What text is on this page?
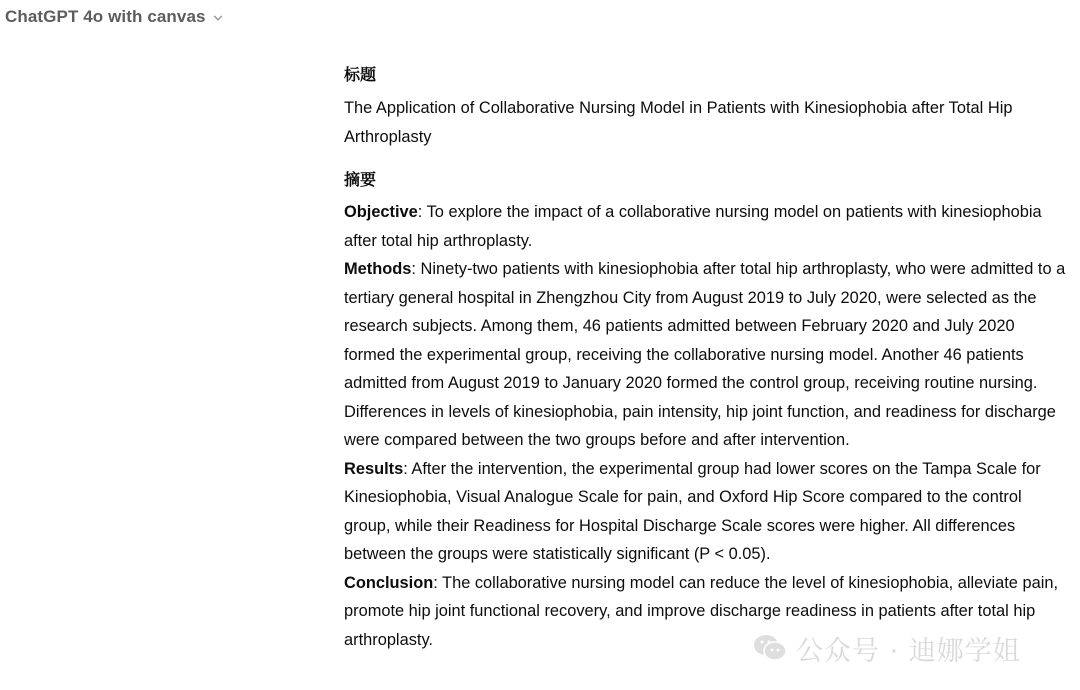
ChatGPT 4o with canvas

标题

The Application of Collaborative Nursing Model in Patients with Kinesiophobia after Total Hip Arthroplasty

摘要

Objective: To explore the impact of a collaborative nursing model on patients with kinesiophobia after total hip arthroplasty.

Methods: Ninety-two patients with kinesiophobia after total hip arthroplasty, who were admitted to a tertiary general hospital in Zhengzhou City from August 2019 to July 2020, were selected as the research subjects. Among them, 46 patients admitted between February 2020 and July 2020 formed the experimental group, receiving the collaborative nursing model. Another 46 patients admitted from August 2019 to January 2020 formed the control group, receiving routine nursing. Differences in levels of kinesiophobia, pain intensity, hip joint function, and readiness for discharge were compared between the two groups before and after intervention.

Results: After the intervention, the experimental group had lower scores on the Tampa Scale for Kinesiophobia, Visual Analogue Scale for pain, and Oxford Hip Score compared to the control group, while their Readiness for Hospital Discharge Scale scores were higher. All differences between the groups were statistically significant (P < 0.05).

Conclusion: The collaborative nursing model can reduce the level of kinesiophobia, alleviate pain, promote hip joint functional recovery, and improve discharge readiness in patients after total hip arthroplasty.	公众号 · 迪娜学姐
